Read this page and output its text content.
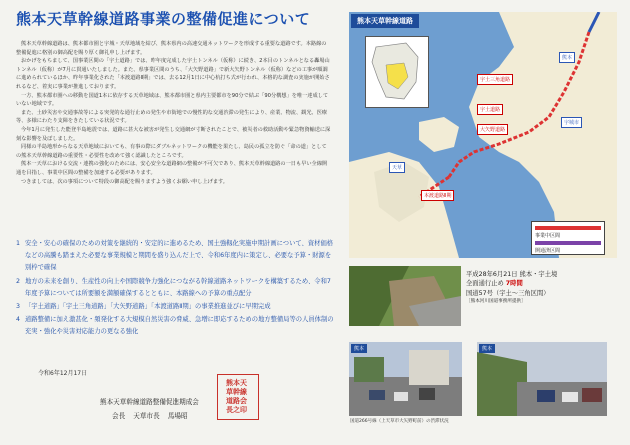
熊本天草幹線道路事業の整備促進について

熊本天草幹線道路は、熊本都市圏と宇城・天草地域を結び、熊本県内の高速交通ネットワークを形成する重要な道路です。本路線の整備促進に格別の御高配を賜り厚く御礼申し上げます。

おかげをもちまして、国事業区間の「宇土道路」では、昨年度完成した宇土トンネル（仮称）に続き、2本目のトンネルとなる轟場山トンネル（仮称）が7月に貫通いたしました。また、県事業区間のうち、「大矢野道路」で新大矢野トンネル（仮称）などの工事が順調に進められているほか、昨年事業化された「本渡道路Ⅱ期」では、去る12月1日に中心杭打ち式が行われ、本格的な調査の実施が開始されるなど、着実に事業が推進しております。

一方、熊本都市圏への移動を国道1本に依存する天草地域は、熊本都市圏と県内主要都市を90分で結ぶ「90分構想」を唯一達成していない地域です。

また、土砂災害や交通事故等による突発的な通行止めの発生や市街地での慢性的な交通渋滞の発生により、産業、物流、観光、医療等、多様にわたり支障をきたしている状況です。

今年1月に発生した能登半島地震では、道路に甚大な被害が発生し交通網が寸断されたことで、被災者の救助活動や緊急物資輸送に深刻な影響を及ぼしました。

同様の半島地形からなる天草地域においても、有事の際にダブルネットワークの機能を果たし、島民の孤立を防ぐ「命の道」としての熊本天草幹線道路の重要性・必要性を改めて強く認識したところです。

熊本一天草における交流・連携の強化のためには、安心安全な道路網の整備が不可欠であり、熊本天草幹線道路の一日も早い全線開通を目指し、事業中区間の整備を加速する必要があります。

つきましては、次の事項について特段の御高配を賜りますよう強くお願い申し上げます。

1 安全・安心の確保のための対策を継続的・安定的に進めるため、国土強靱化実施中期計画について、資材価格などの高騰も踏まえた必要な事業規模と期間を盛り込んだ上で、令和6年度内に策定し、必要な予算・財源を別枠で確保
2 地方の未来を創り、生産性の向上や国際競争力強化につながる幹線道路ネットワークを構築するため、令和7年度予算については所要額を満額確保するとともに、本路線への予算の重点配分
3 「宇土道路」「宇土三角道路」「大矢野道路」「本渡道路Ⅱ期」の事業推進並びに早期完成
4 道路整備に加え激甚化・頻発化する大規模自然災害の脅威、急増に即応するための地方整備局等の人員体制の充実・強化や災害対応能力の更なる強化
令和6年12月17日
熊本天草幹線道路整備促進期成会
会長 天草市長 馬場昭
熊本天
草幹線
道路会
長之印
熊本天草幹線道路
宇土三角道路
宇土道路
大矢野道路
本渡道路Ⅱ期
熊本
天草
宇城市
事業中区間
開通済区間
平成28年6月21日 熊本・宇土境
全面通行止め 7時間
国道57号（宇土～三角区間）
［熊本河川国道事務所提供］
熊本	熊本
国道266号線（上天草市大矢野町前）の渋滞状況
